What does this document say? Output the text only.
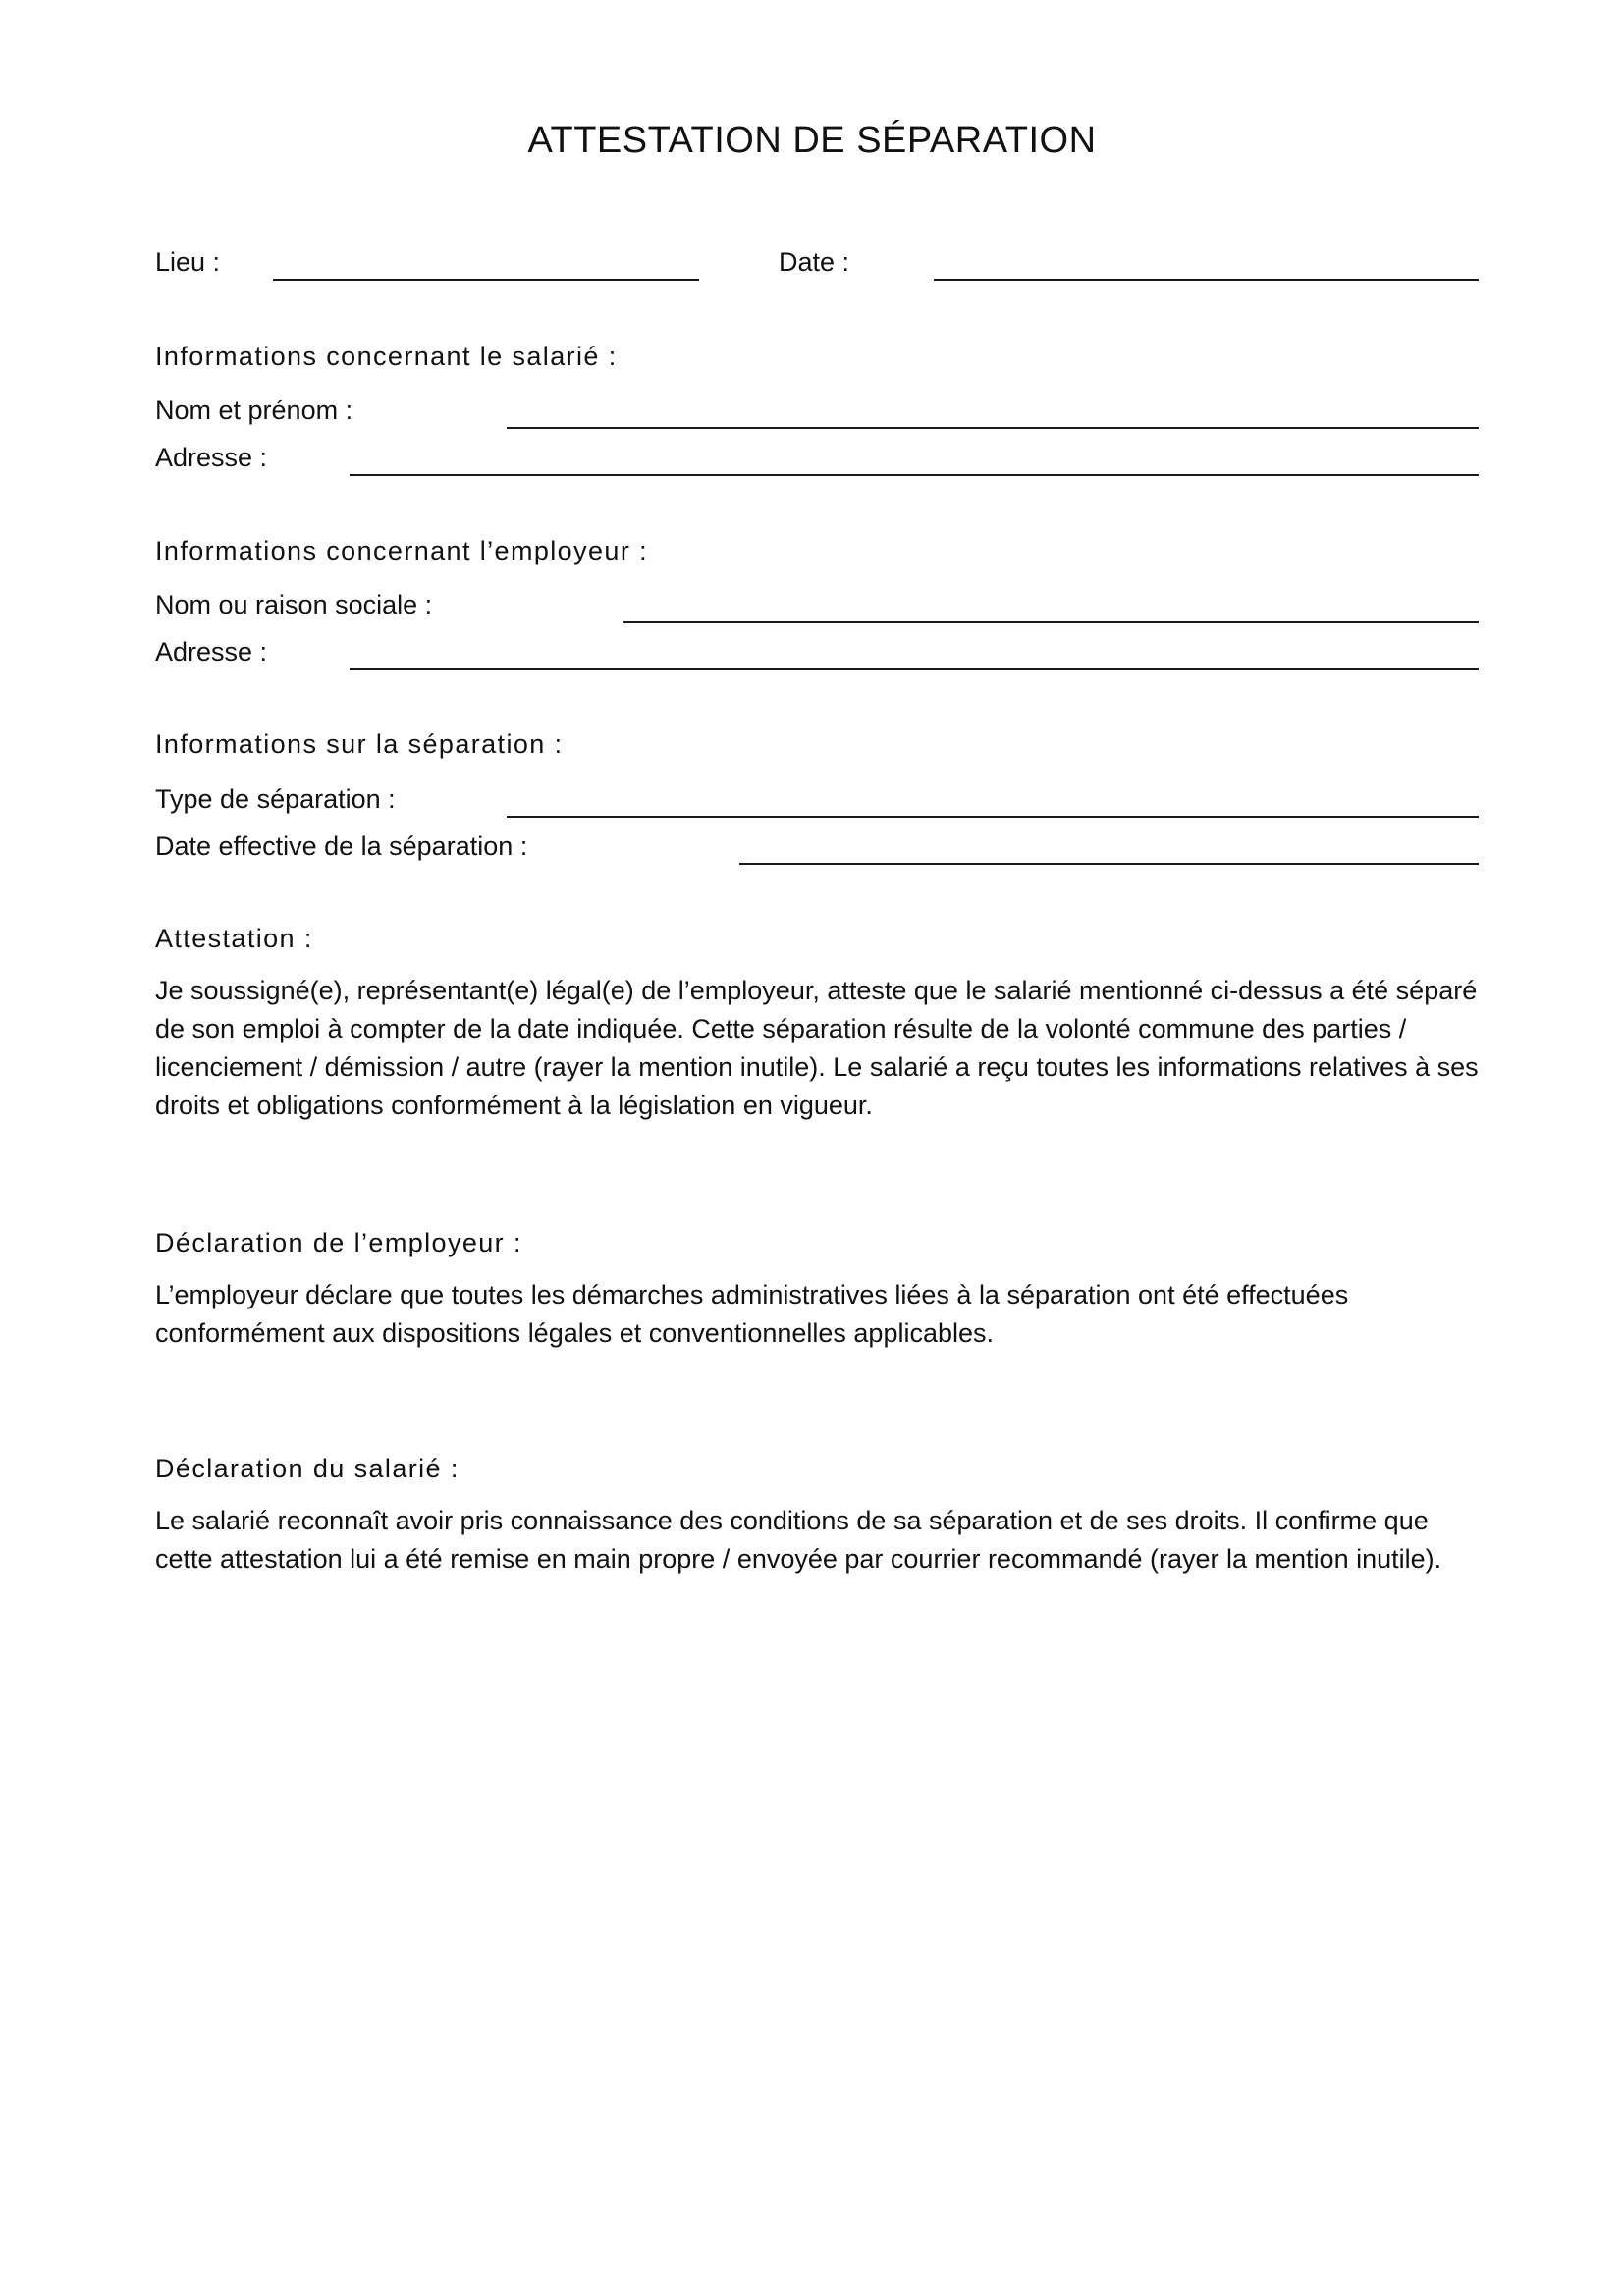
ATTESTATION DE SÉPARATION
Lieu :	Date :
Informations concernant le salarié :
Nom et prénom :
Adresse :
Informations concernant l’employeur :
Nom ou raison sociale :
Adresse :
Informations sur la séparation :
Type de séparation :
Date effective de la séparation :
Attestation :
Je soussigné(e), représentant(e) légal(e) de l’employeur, atteste que le salarié mentionné ci-dessus a été séparé de son emploi à compter de la date indiquée. Cette séparation résulte de la volonté commune des parties / licenciement / démission / autre (rayer la mention inutile). Le salarié a reçu toutes les informations relatives à ses droits et obligations conformément à la législation en vigueur.
Déclaration de l’employeur :
L’employeur déclare que toutes les démarches administratives liées à la séparation ont été effectuées conformément aux dispositions légales et conventionnelles applicables.
Déclaration du salarié :
Le salarié reconnaît avoir pris connaissance des conditions de sa séparation et de ses droits. Il confirme que cette attestation lui a été remise en main propre / envoyée par courrier recommandé (rayer la mention inutile).
